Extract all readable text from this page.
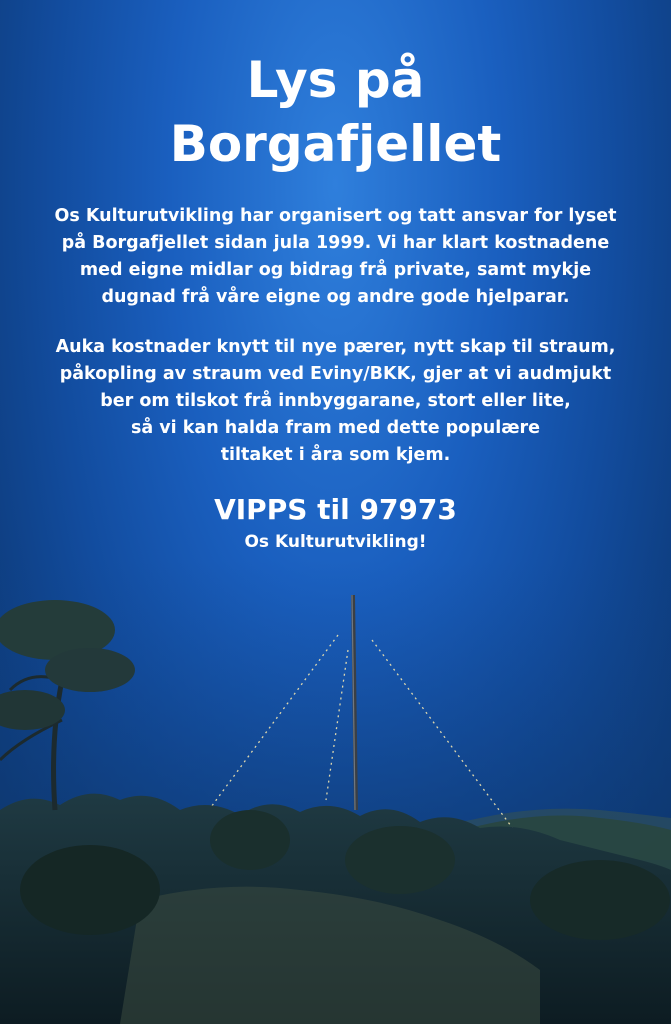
Lys på
Borgafjellet

Os Kulturutvikling har organisert og tatt ansvar for lyset
på Borgafjellet sidan jula 1999. Vi har klart kostnadene
med eigne midlar og bidrag frå private, samt mykje
dugnad frå våre eigne og andre gode hjelparar.

Auka kostnader knytt til nye pærer, nytt skap til straum,
påkopling av straum ved Eviny/BKK, gjer at vi audmjukt
ber om tilskot frå innbyggarane, stort eller lite,
så vi kan halda fram med dette populære
tiltaket i åra som kjem.

VIPPS til 97973

Os Kulturutvikling!
